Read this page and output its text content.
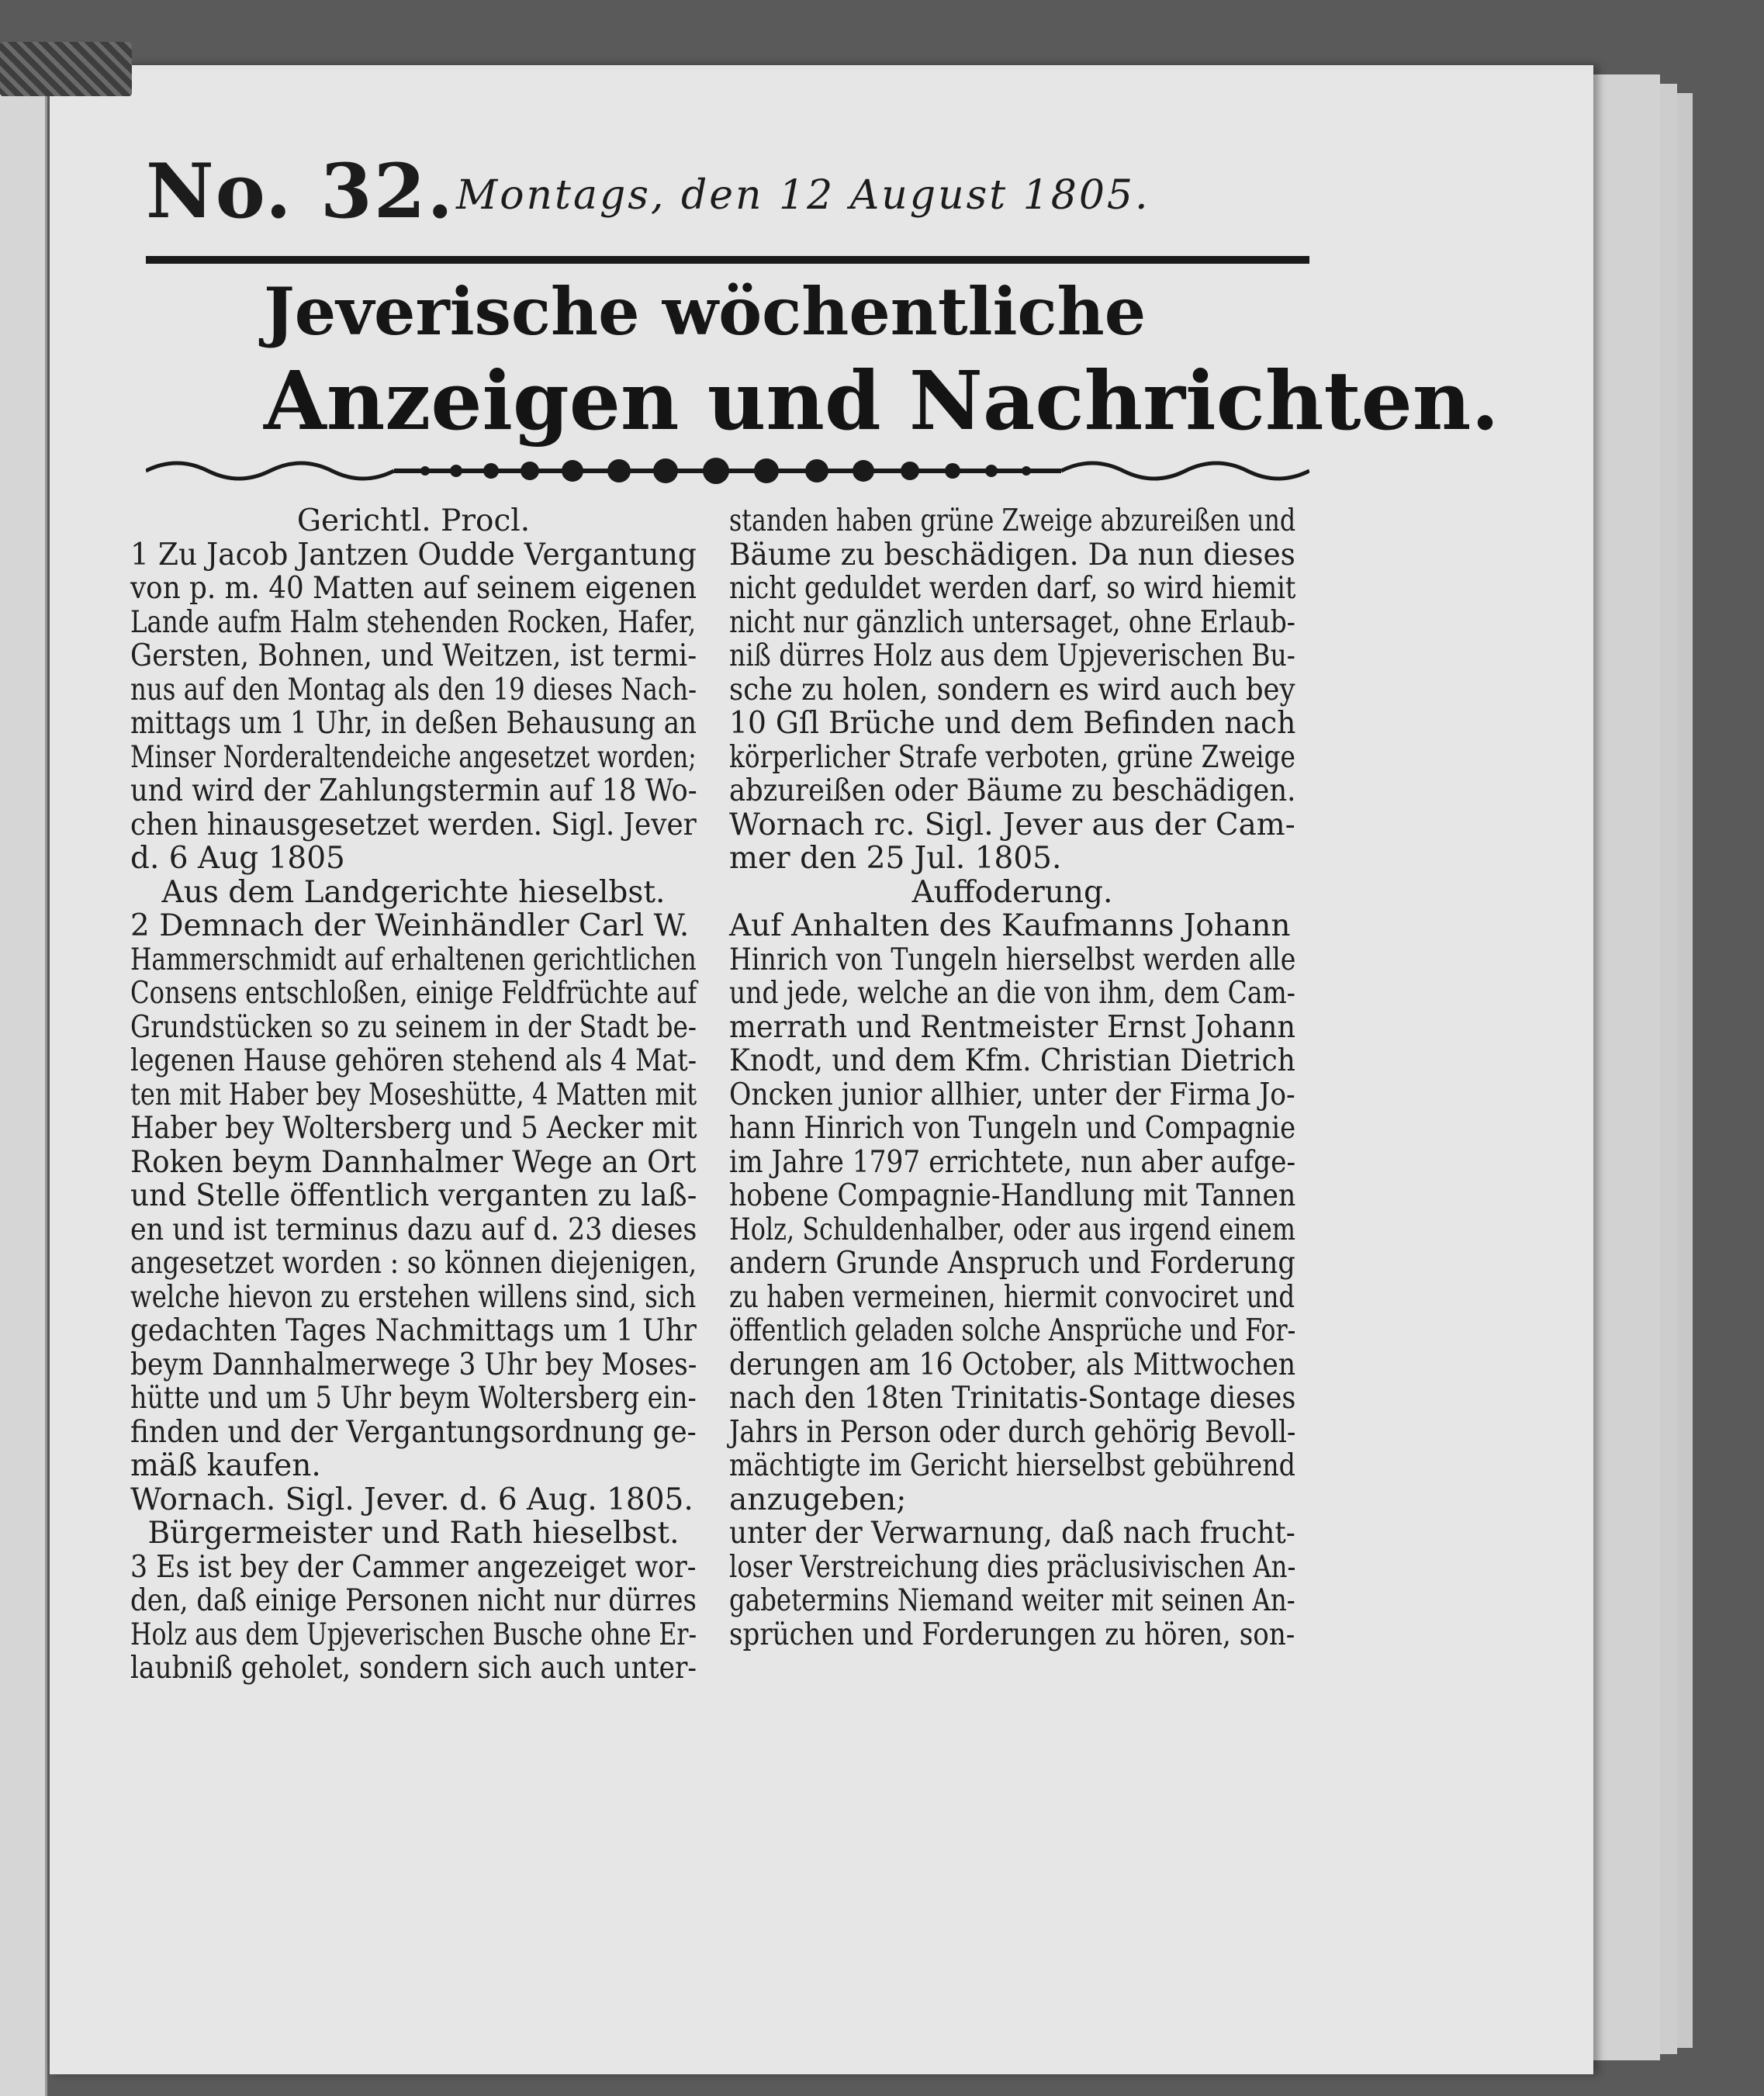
No. 32. Montags, den 12 August 1805.
Jeverische wöchentliche
Anzeigen und Nachrichten.
Gerichtl. Procl.
1 Zu Jacob Jantzen Oudde Vergantung
von p. m. 40 Matten auf seinem eigenen
Lande aufm Halm stehenden Rocken, Hafer,
Gersten, Bohnen, und Weitzen, ist termi-
nus auf den Montag als den 19 dieses Nach-
mittags um 1 Uhr, in deßen Behausung an
Minser Norderaltendeiche angesetzet worden;
und wird der Zahlungstermin auf 18 Wo-
chen hinausgesetzet werden. Sigl. Jever
d. 6 Aug 1805
Aus dem Landgerichte hieselbst.
2 Demnach der Weinhändler Carl W.
Hammerschmidt auf erhaltenen gerichtlichen
Consens entschloßen, einige Feldfrüchte auf
Grundstücken so zu seinem in der Stadt be-
legenen Hause gehören stehend als 4 Mat-
ten mit Haber bey Moseshütte, 4 Matten mit
Haber bey Woltersberg und 5 Aecker mit
Roken beym Dannhalmer Wege an Ort
und Stelle öffentlich verganten zu laß-
en und ist terminus dazu auf d. 23 dieses
angesetzet worden : so können diejenigen,
welche hievon zu erstehen willens sind, sich
gedachten Tages Nachmittags um 1 Uhr
beym Dannhalmerwege 3 Uhr bey Moses-
hütte und um 5 Uhr beym Woltersberg ein-
finden und der Vergantungsordnung ge-
mäß kaufen.
Wornach. Sigl. Jever. d. 6 Aug. 1805.
Bürgermeister und Rath hieselbst.
3 Es ist bey der Cammer angezeiget wor-
den, daß einige Personen nicht nur dürres
Holz aus dem Upjeverischen Busche ohne Er-
laubniß geholet, sondern sich auch unter-
standen haben grüne Zweige abzureißen und
Bäume zu beschädigen. Da nun dieses
nicht geduldet werden darf, so wird hiemit
nicht nur gänzlich untersaget, ohne Erlaub-
niß dürres Holz aus dem Upjeverischen Bu-
sche zu holen, sondern es wird auch bey
10 Gſl Brüche und dem Befinden nach
körperlicher Strafe verboten, grüne Zweige
abzureißen oder Bäume zu beschädigen.
Wornach rc. Sigl. Jever aus der Cam-
mer den 25 Jul. 1805.
Auffoderung.
Auf Anhalten des Kaufmanns Johann
Hinrich von Tungeln hierselbst werden alle
und jede, welche an die von ihm, dem Cam-
merrath und Rentmeister Ernst Johann
Knodt, und dem Kfm. Christian Dietrich
Oncken junior allhier, unter der Firma Jo-
hann Hinrich von Tungeln und Compagnie
im Jahre 1797 errichtete, nun aber aufge-
hobene Compagnie-Handlung mit Tannen
Holz, Schuldenhalber, oder aus irgend einem
andern Grunde Anspruch und Forderung
zu haben vermeinen, hiermit convociret und
öffentlich geladen solche Ansprüche und For-
derungen am 16 October, als Mittwochen
nach den 18ten Trinitatis-Sontage dieses
Jahrs in Person oder durch gehörig Bevoll-
mächtigte im Gericht hierselbst gebührend
anzugeben;
unter der Verwarnung, daß nach frucht-
loser Verstreichung dies präclusivischen An-
gabetermins Niemand weiter mit seinen An-
sprüchen und Forderungen zu hören, son-
